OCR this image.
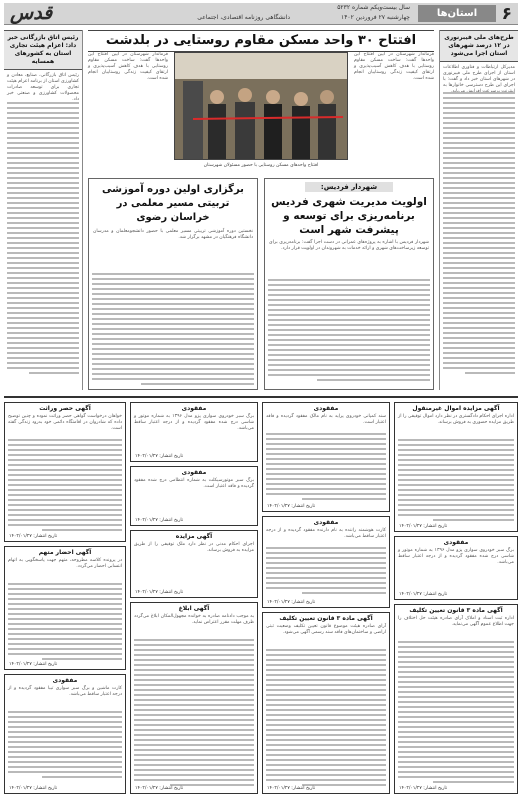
۶
استان‌ها
سال بیست‌ویکم شماره ۵۲۳۲
چهارشنبه ۲۷ فروردین ۱۴۰۲
دانشگاهی روزنامه اقتصادی، اجتماعی
قدس
طرح‌های ملی فیبرنوری در ۱۲ درصد شهرهای استان اجرا می‌شود
مدیرکل ارتباطات و فناوری اطلاعات استان از اجرای طرح ملی فیبرنوری در شهرهای استان خبر داد و گفت: با اجرای این طرح دسترسی خانوارها به
رئیس اتاق بازرگانی خبر داد: اعزام هیئت تجاری استان به کشورهای همسایه
رئیس اتاق بازرگانی، صنایع، معادن و کشاورزی استان از برنامه اعزام هیئت تجاری برای توسعه صادرات محصولات کشاورزی و صنعتی خبر داد.
افتتاح ۳۰ واحد مسکن مقاوم روستایی در بلدشت
فرماندار شهرستان در آیین افتتاح این واحدها گفت: ساخت مسکن مقاوم روستایی با هدف کاهش آسیب‌پذیری و ارتقای کیفیت زندگی روستاییان انجام شده است.
فرماندار شهرستان در آیین افتتاح این واحدها گفت: ساخت مسکن مقاوم روستایی با هدف کاهش آسیب‌پذیری و ارتقای کیفیت زندگی روستاییان انجام شده است.
افتتاح واحدهای مسکن روستایی با حضور مسئولان شهرستان
شهردار فردیس:
اولویت مدیریت شهری فردیس برنامه‌ریزی برای توسعه و پیشرفت شهر است
شهردار فردیس با اشاره به پروژه‌های عمرانی در دست اجرا گفت: برنامه‌ریزی برای توسعه زیرساخت‌های شهری و ارائه خدمات به شهروندان در اولویت قرار دارد.
برگزاری اولین دوره آموزشی تربیتی مسیر معلمی در خراسان رضوی
نخستین دوره آموزشی تربیتی مسیر معلمی با حضور دانشجومعلمان و مدرسان دانشگاه فرهنگیان در مشهد برگزار شد.
آگهی مزایده اموال غیرمنقول
اداره اجرای احکام دادگستری در نظر دارد اموال توقیفی را از طریق مزایده حضوری به فروش برساند.
تاریخ انتشار: ۱۴۰۲/۰۱/۲۷
مفقودی
برگ سبز خودروی سواری پژو مدل ۱۳۹۶ به شماره موتور و شاسی درج شده مفقود گردیده و از درجه اعتبار ساقط می‌باشد.
تاریخ انتشار: ۱۴۰۲/۰۱/۲۷
آگهی ماده ۳ قانون تعیین تکلیف
اداره ثبت اسناد و املاک آرای صادره هیئت حل اختلاف را جهت اطلاع عموم آگهی می‌نماید.
تاریخ انتشار: ۱۴۰۲/۰۱/۲۷
مفقودی
سند کمپانی خودروی پراید به نام مالک مفقود گردیده و فاقد اعتبار است.
تاریخ انتشار: ۱۴۰۲/۰۱/۲۷
مفقودی
کارت هوشمند راننده به نام دارنده مفقود گردیده و از درجه اعتبار ساقط می‌باشد.
تاریخ انتشار: ۱۴۰۲/۰۱/۲۷
آگهی ماده ۳ قانون تعیین تکلیف
آرای صادره هیئت موضوع قانون تعیین تکلیف وضعیت ثبتی اراضی و ساختمان‌های فاقد سند رسمی آگهی می‌شود.
تاریخ انتشار: ۱۴۰۲/۰۱/۲۷
مفقودی
برگ سبز خودروی سواری پژو مدل ۱۳۹۶ به شماره موتور و شاسی درج شده مفقود گردیده و از درجه اعتبار ساقط می‌باشد.
تاریخ انتشار: ۱۴۰۲/۰۱/۲۷
مفقودی
برگ سبز موتورسیکلت به شماره انتظامی درج شده مفقود گردیده و فاقد اعتبار است.
تاریخ انتشار: ۱۴۰۲/۰۱/۲۷
آگهی مزایده
اجرای احکام مدنی در نظر دارد ملک توقیفی را از طریق مزایده به فروش برساند.
تاریخ انتشار: ۱۴۰۲/۰۱/۲۷
آگهی ابلاغ
به موجب دادنامه صادره به خوانده مجهول‌المکان ابلاغ می‌گردد ظرف مهلت مقرر اعتراض نماید.
تاریخ انتشار: ۱۴۰۲/۰۱/۲۷
آگهی حصر وراثت
خواهان درخواست گواهی حصر وراثت نموده و چنین توضیح داده که شادروان در اقامتگاه دائمی خود بدرود زندگی گفته است.
تاریخ انتشار: ۱۴۰۲/۰۱/۲۷
آگهی احضار متهم
در پرونده کلاسه مطروحه، متهم جهت پاسخگویی به اتهام انتسابی احضار می‌گردد.
تاریخ انتشار: ۱۴۰۲/۰۱/۲۷
مفقودی
کارت ماشین و برگ سبز سواری تیبا مفقود گردیده و از درجه اعتبار ساقط می‌باشد.
تاریخ انتشار: ۱۴۰۲/۰۱/۲۷
